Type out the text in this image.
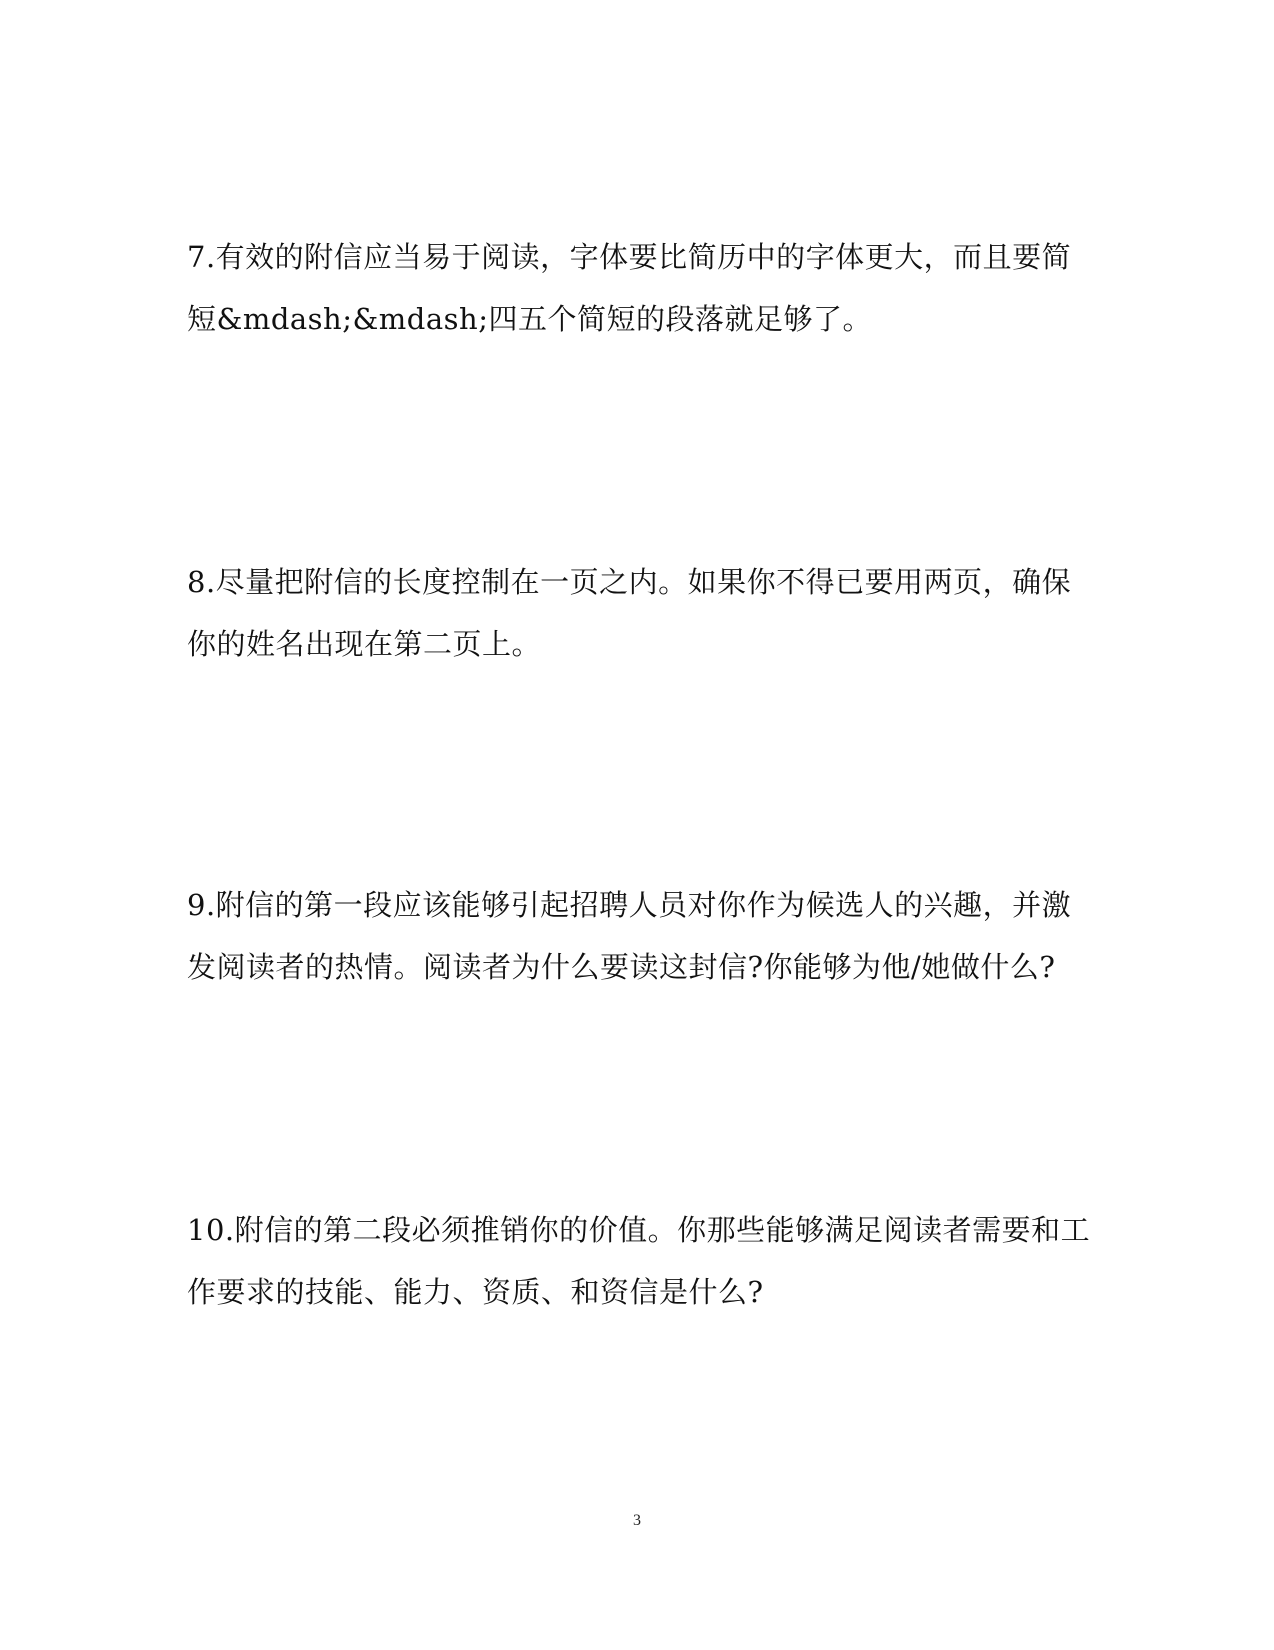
7.有效的附信应当易于阅读，字体要比简历中的字体更大，而且要简
短&mdash;&mdash;四五个简短的段落就足够了。

8.尽量把附信的长度控制在一页之内。如果你不得已要用两页，确保
你的姓名出现在第二页上。

9.附信的第一段应该能够引起招聘人员对你作为候选人的兴趣，并激
发阅读者的热情。阅读者为什么要读这封信?你能够为他/她做什么?

10.附信的第二段必须推销你的价值。你那些能够满足阅读者需要和工
作要求的技能、能力、资质、和资信是什么?

3
